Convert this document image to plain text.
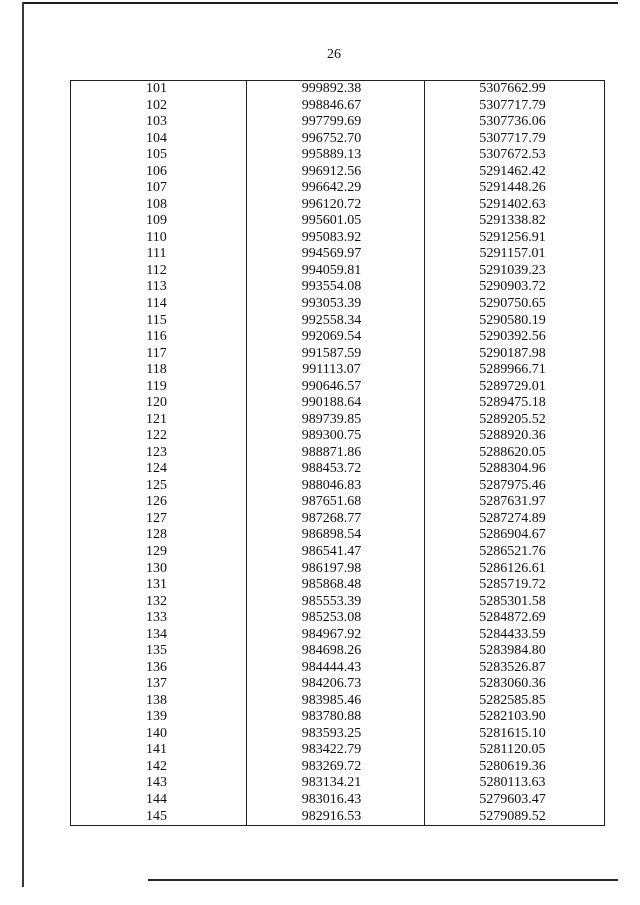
26
101	999892.38	5307662.99
102	998846.67	5307717.79
103	997799.69	5307736.06
104	996752.70	5307717.79
105	995889.13	5307672.53
106	996912.56	5291462.42
107	996642.29	5291448.26
108	996120.72	5291402.63
109	995601.05	5291338.82
110	995083.92	5291256.91
111	994569.97	5291157.01
112	994059.81	5291039.23
113	993554.08	5290903.72
114	993053.39	5290750.65
115	992558.34	5290580.19
116	992069.54	5290392.56
117	991587.59	5290187.98
118	991113.07	5289966.71
119	990646.57	5289729.01
120	990188.64	5289475.18
121	989739.85	5289205.52
122	989300.75	5288920.36
123	988871.86	5288620.05
124	988453.72	5288304.96
125	988046.83	5287975.46
126	987651.68	5287631.97
127	987268.77	5287274.89
128	986898.54	5286904.67
129	986541.47	5286521.76
130	986197.98	5286126.61
131	985868.48	5285719.72
132	985553.39	5285301.58
133	985253.08	5284872.69
134	984967.92	5284433.59
135	984698.26	5283984.80
136	984444.43	5283526.87
137	984206.73	5283060.36
138	983985.46	5282585.85
139	983780.88	5282103.90
140	983593.25	5281615.10
141	983422.79	5281120.05
142	983269.72	5280619.36
143	983134.21	5280113.63
144	983016.43	5279603.47
145	982916.53	5279089.52
